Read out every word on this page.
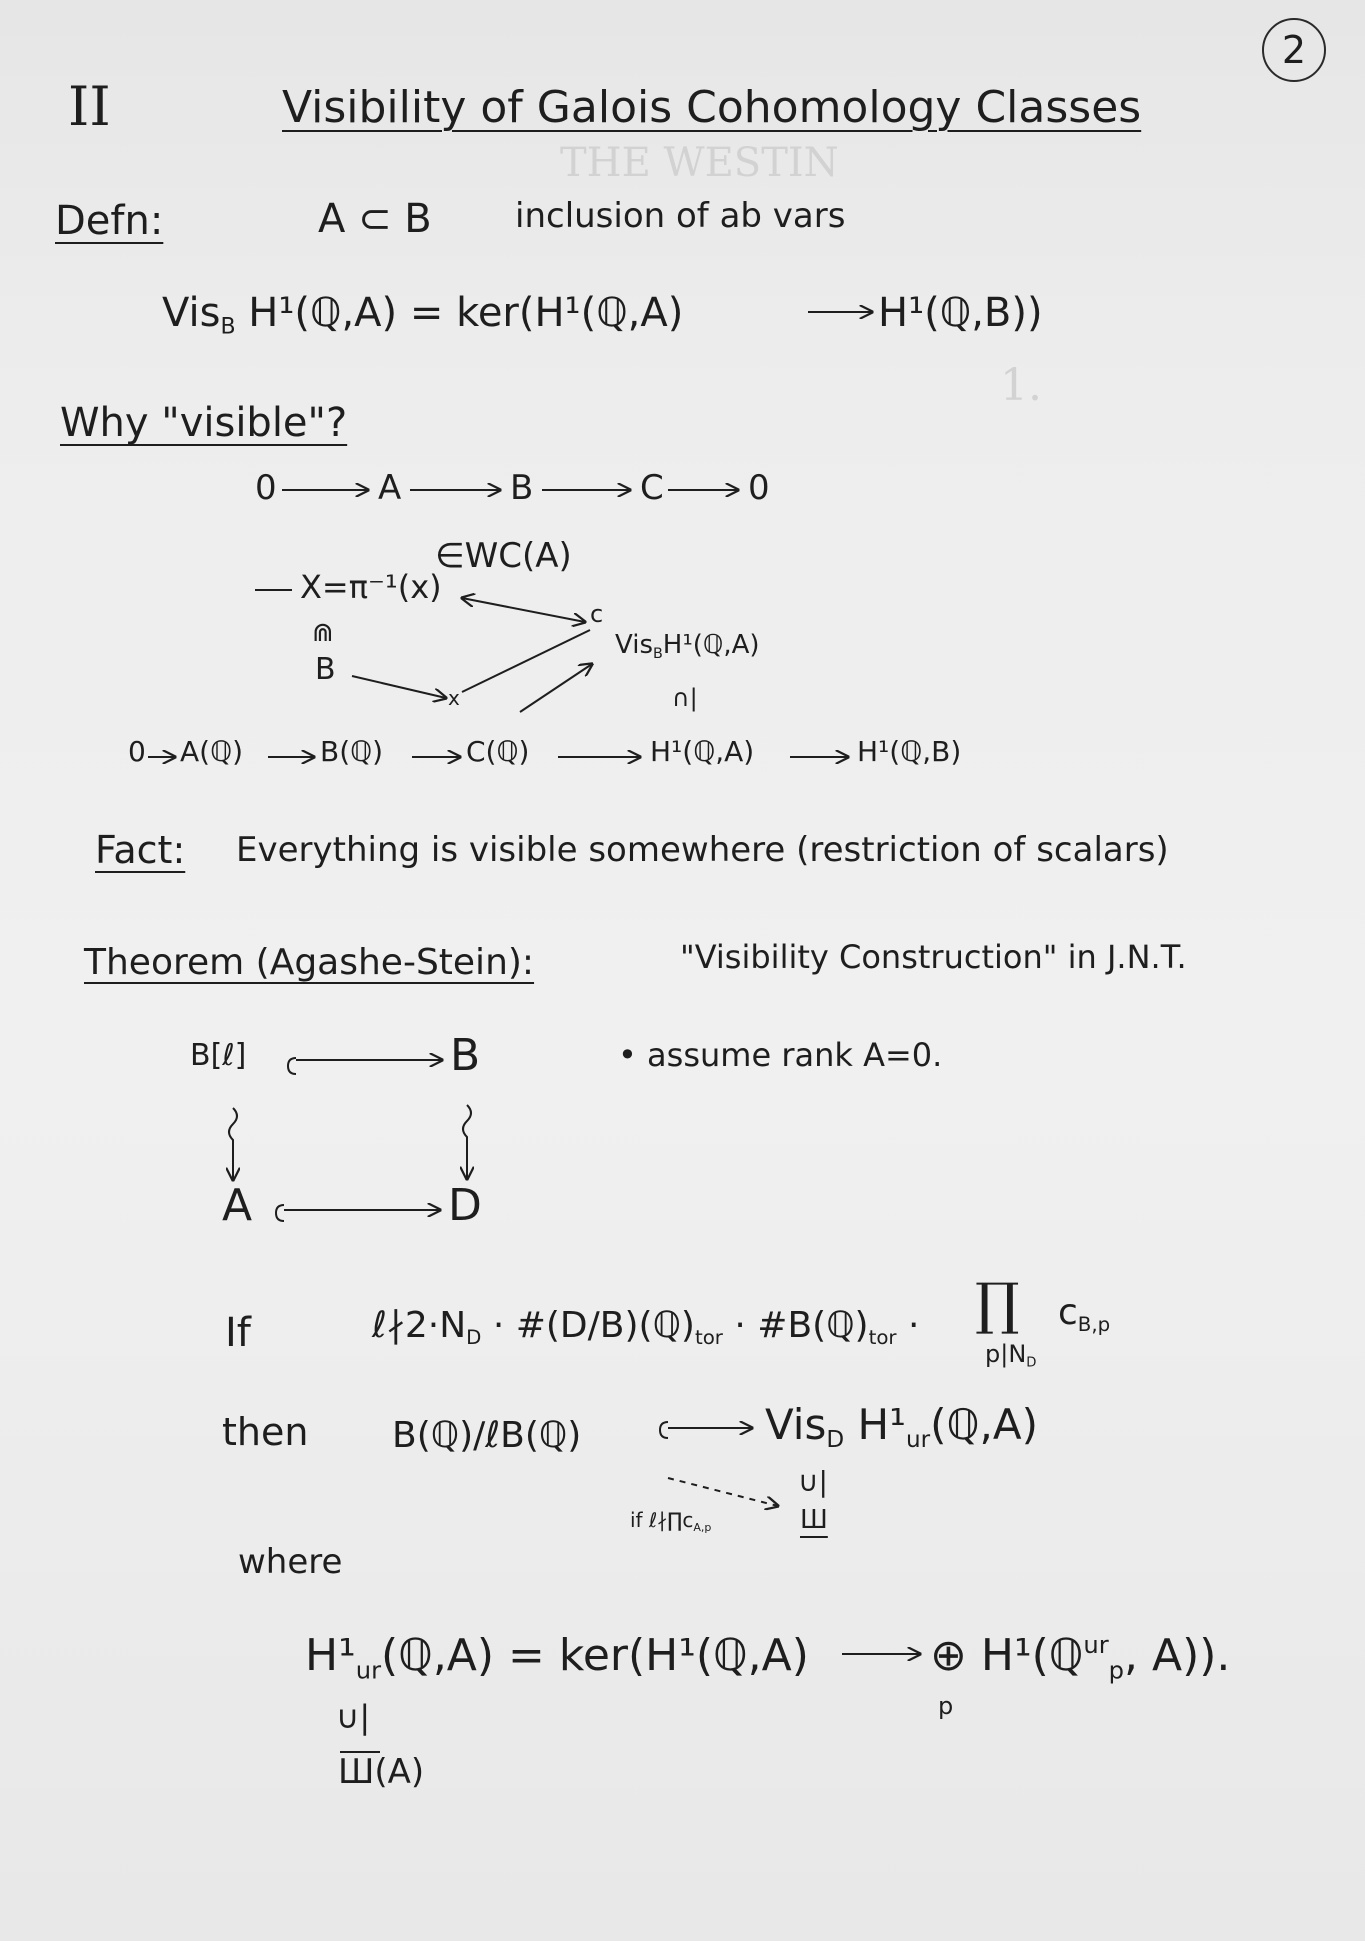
THE WESTIN
1.
2
II	Visibility of Galois Cohomology Classes
Defn:	A ⊂ B inclusion of ab vars
Vis$_B$ H¹(ℚ,A) = ker(H¹(ℚ,A)	H¹(ℚ,B))
Why "visible"?
0	A	B	C 0
∈WC(A)
X=π⁻¹(x)
⋒
B
c
x
Vis$_B$H¹(ℚ,A)
∩|
0 A(ℚ)	B(ℚ)	C(ℚ)	H¹(ℚ,A)	H¹(ℚ,B)
Fact: Everything is visible somewhere (restriction of scalars)
Theorem (Agashe-Stein):	"Visibility Construction" in J.N.T.
B[ℓ]	B
A	D
• assume rank A=0.
If	$\ell∤2\cdot N_D$ · $\#(D/B)(ℚ)_{tor}$ · $\#B(ℚ)_{tor}$ · ∏
$p|N_D$
$c_{B,p}$
then B(ℚ)/ℓB(ℚ)	Vis$_D$ $H^1_{ur}(ℚ,A)$
∪|
Ш
if $\ell∤\prod c_{A,p}$
where
$H^1_{ur}(ℚ,A)$ = ker(H¹(ℚ,A)	⊕ H¹(ℚ$^{ur}_p$, A)).
p
∪|
Ш(A)
